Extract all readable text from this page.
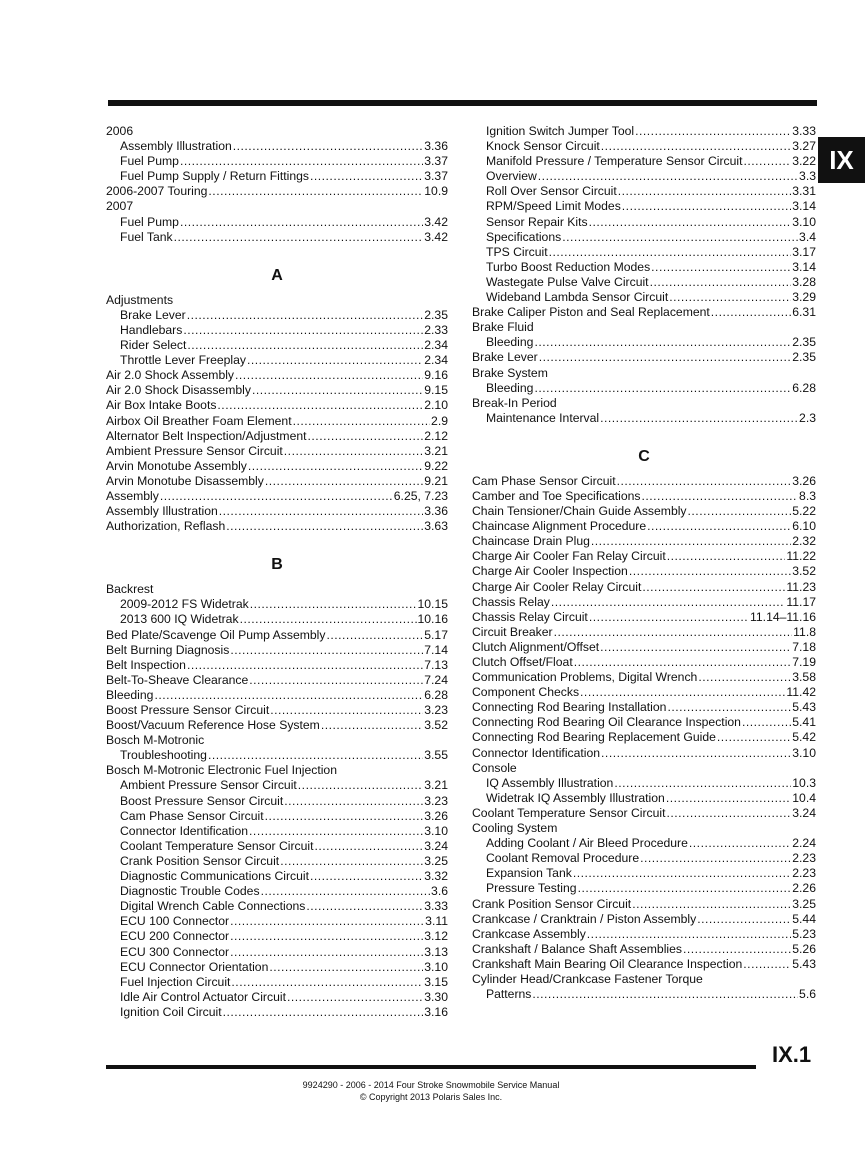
IX
2006
Assembly Illustration .....	3.36
Fuel Pump .....	3.37
Fuel Pump Supply / Return Fittings .....	3.37
2006-2007 Touring .....	10.9
2007
Fuel Pump .....	3.42
Fuel Tank .....	3.42
A
Adjustments
Brake Lever .....	2.35
Handlebars .....	2.33
Rider Select .....	2.34
Throttle Lever Freeplay .....	2.34
Air 2.0 Shock Assembly .....	9.16
Air 2.0 Shock Disassembly .....	9.15
Air Box Intake Boots .....	2.10
Airbox Oil Breather Foam Element .....	2.9
Alternator Belt Inspection/Adjustment .....	2.12
Ambient Pressure Sensor Circuit .....	3.21
Arvin Monotube Assembly .....	9.22
Arvin Monotube Disassembly .....	9.21
Assembly .....	6.25, 7.23
Assembly Illustration .....	3.36
Authorization, Reflash .....	3.63
B
Backrest
2009-2012 FS Widetrak .....	10.15
2013 600 IQ Widetrak .....	10.16
Bed Plate/Scavenge Oil Pump Assembly .....	5.17
Belt Burning Diagnosis .....	7.14
Belt Inspection .....	7.13
Belt-To-Sheave Clearance .....	7.24
Bleeding .....	6.28
Boost Pressure Sensor Circuit .....	3.23
Boost/Vacuum Reference Hose System .....	3.52
Bosch M-Motronic
Troubleshooting .....	3.55
Bosch M-Motronic Electronic Fuel Injection
Ambient Pressure Sensor Circuit .....	3.21
Boost Pressure Sensor Circuit .....	3.23
Cam Phase Sensor Circuit .....	3.26
Connector Identification .....	3.10
Coolant Temperature Sensor Circuit .....	3.24
Crank Position Sensor Circuit .....	3.25
Diagnostic Communications Circuit .....	3.32
Diagnostic Trouble Codes .....	3.6
Digital Wrench Cable Connections .....	3.33
ECU 100 Connector .....	3.11
ECU 200 Connector .....	3.12
ECU 300 Connector .....	3.13
ECU Connector Orientation .....	3.10
Fuel Injection Circuit .....	3.15
Idle Air Control Actuator Circuit .....	3.30
Ignition Coil Circuit .....	3.16
Ignition Switch Jumper Tool .....	3.33
Knock Sensor Circuit .....	3.27
Manifold Pressure / Temperature Sensor Circuit .....	3.22
Overview .....	3.3
Roll Over Sensor Circuit .....	3.31
RPM/Speed Limit Modes .....	3.14
Sensor Repair Kits .....	3.10
Specifications .....	3.4
TPS Circuit .....	3.17
Turbo Boost Reduction Modes .....	3.14
Wastegate Pulse Valve Circuit .....	3.28
Wideband Lambda Sensor Circuit .....	3.29
Brake Caliper Piston and Seal Replacement .....	6.31
Brake Fluid
Bleeding .....	2.35
Brake Lever .....	2.35
Brake System
Bleeding .....	6.28
Break-In Period
Maintenance Interval .....	2.3
C
Cam Phase Sensor Circuit .....	3.26
Camber and Toe Specifications .....	8.3
Chain Tensioner/Chain Guide Assembly .....	5.22
Chaincase Alignment Procedure .....	6.10
Chaincase Drain Plug .....	2.32
Charge Air Cooler Fan Relay Circuit .....	11.22
Charge Air Cooler Inspection .....	3.52
Charge Air Cooler Relay Circuit .....	11.23
Chassis Relay .....	11.17
Chassis Relay Circuit .....	11.14–11.16
Circuit Breaker .....	11.8
Clutch Alignment/Offset .....	7.18
Clutch Offset/Float .....	7.19
Communication Problems, Digital Wrench .....	3.58
Component Checks .....	11.42
Connecting Rod Bearing Installation .....	5.43
Connecting Rod Bearing Oil Clearance Inspection .....	5.41
Connecting Rod Bearing Replacement Guide .....	5.42
Connector Identification .....	3.10
Console
IQ Assembly Illustration .....	10.3
Widetrak IQ Assembly Illustration .....	10.4
Coolant Temperature Sensor Circuit .....	3.24
Cooling System
Adding Coolant / Air Bleed Procedure .....	2.24
Coolant Removal Procedure .....	2.23
Expansion Tank .....	2.23
Pressure Testing .....	2.26
Crank Position Sensor Circuit .....	3.25
Crankcase / Cranktrain / Piston Assembly .....	5.44
Crankcase Assembly .....	5.23
Crankshaft / Balance Shaft Assemblies .....	5.26
Crankshaft Main Bearing Oil Clearance Inspection .....	5.43
Cylinder Head/Crankcase Fastener Torque
Patterns .....	5.6
IX.1
9924290 - 2006 - 2014 Four Stroke Snowmobile Service Manual
© Copyright 2013 Polaris Sales Inc.
